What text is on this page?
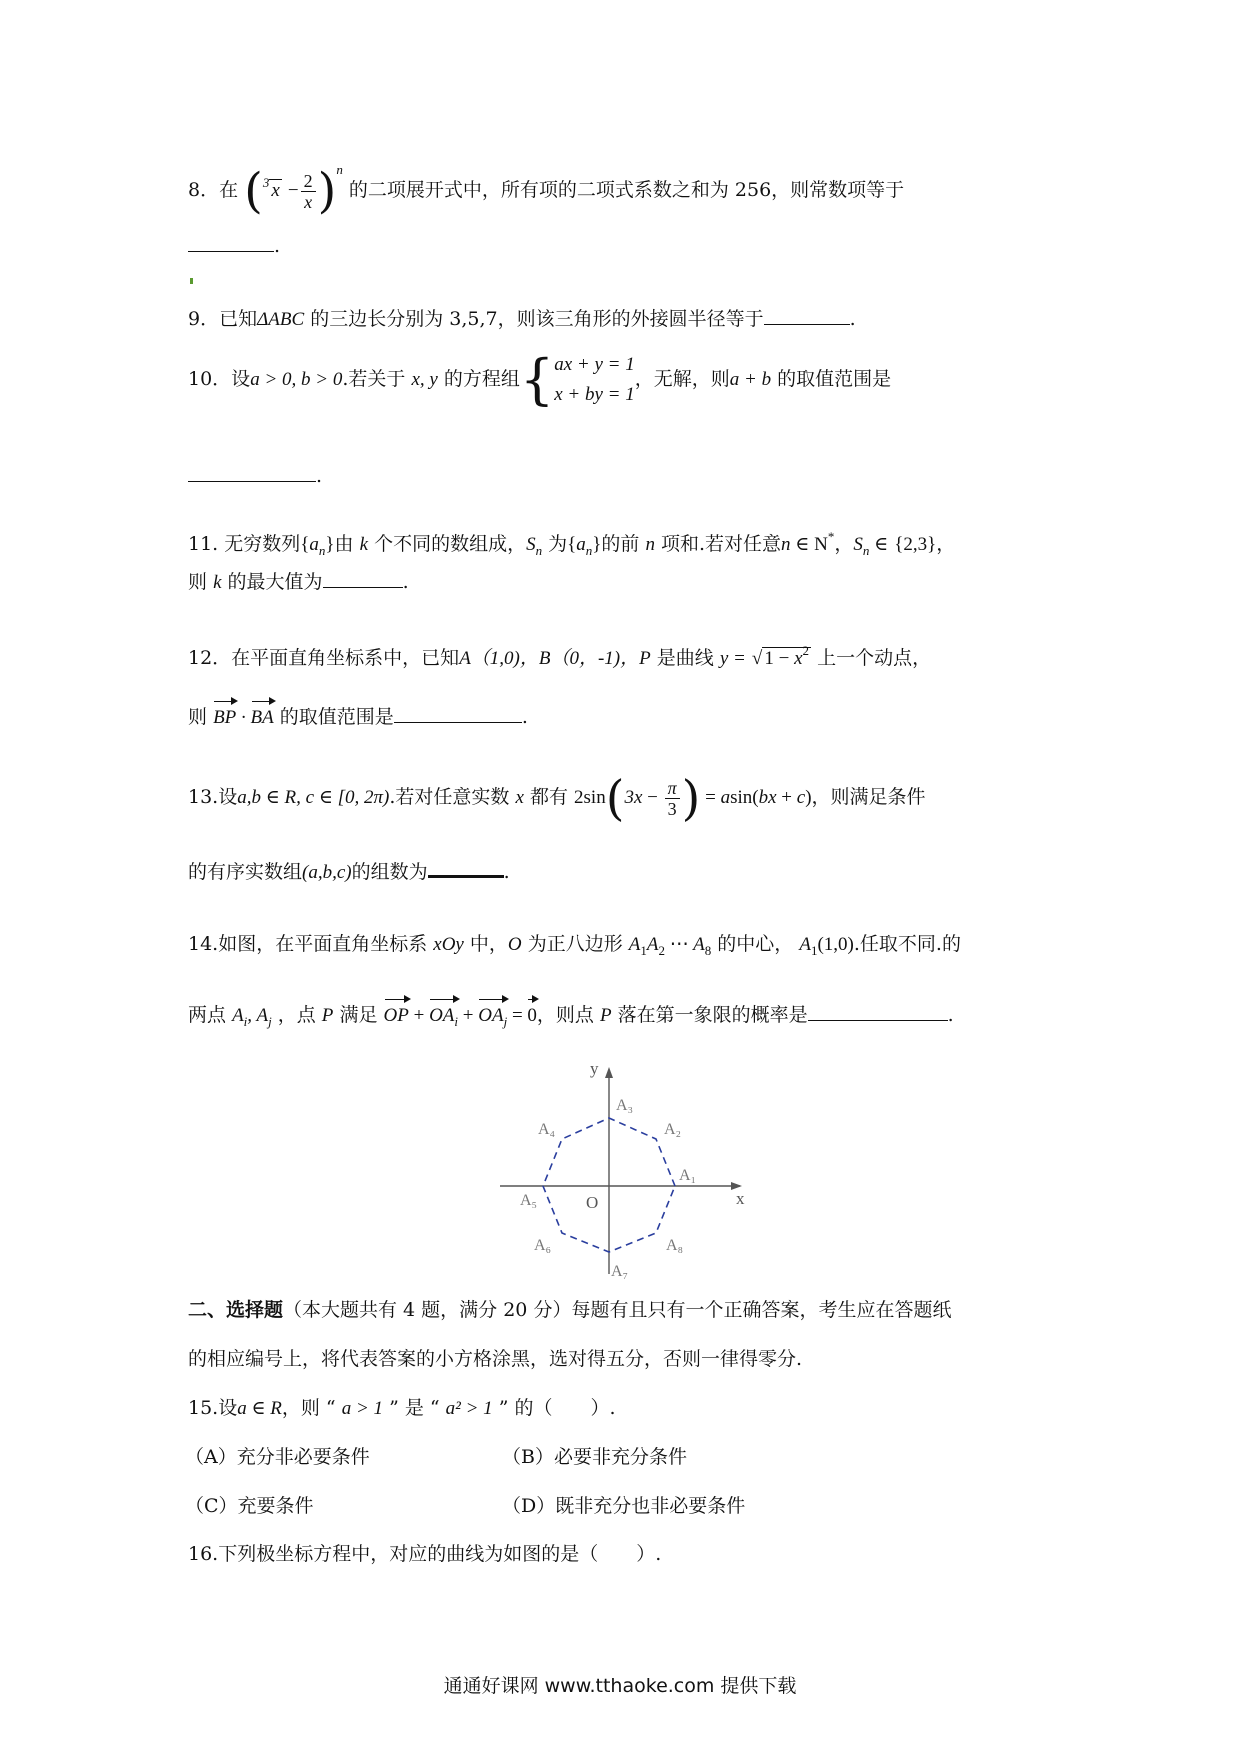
8．在 ($^3$ $x - \frac{2}{x} )^n$ 的二项展开式中，所有项的二项式系数之和为 256，则常数项等于
.
9．已知ΔABC 的三边长分别为 3,5,7，则该三角形的外接圆半径等于	.
10．设a > 0, b > 0.若关于 x, y 的方程组{ ax + y = 1
x + by = 1
，无解，则a + b 的取值范围是
.
11. 无穷数列$\{a_n\}$由 k 个不同的数组成，$S_n$ 为$\{a_n\}$的前 n 项和.若对任意n ∈ N*，$S_n$ ∈ {2,3}，
则 k 的最大值为	.
12．在平面直角坐标系中，已知A（1,0)，B（0，-1)，P 是曲线 y = √ $1 - x^2$ 上一个动点，
则 BP · BA 的取值范围是	.
13.设a,b ∈ R, c ∈ [0, 2π).若对任意实数 x 都有 $2\sin(3x - \frac{\pi}{3}$ ) = asin(bx + c)，则满足条件
的有序实数组(a,b,c)的组数为	.
14.如图，在平面直角坐标系 xOy 中，O 为正八边形 $A_1A_2$ ⋯ $A_8$ 的中心， $A_1(1,0)$.任取不同.的
两点 $A_i$, $A_j$ ，点 P 满足 OP + $OA_i + OA_j = 0$，则点 P 落在第一象限的概率是	.
x
y
O
A₁
A₂
A₃
A₄
A₅
A₆
A₇
A₈
二、选择题（本大题共有 4 题，满分 20 分）每题有且只有一个正确答案，考生应在答题纸
的相应编号上，将代表答案的小方格涂黑，选对得五分，否则一律得零分.
15.设a ∈ R，则 “ a > 1 ” 是 “ a² > 1 ” 的（　　）.
（A）充分非必要条件	（B）必要非充分条件
（C）充要条件	（D）既非充分也非必要条件
16.下列极坐标方程中，对应的曲线为如图的是（　　）.
通通好课网 www.tthaoke.com 提供下载
